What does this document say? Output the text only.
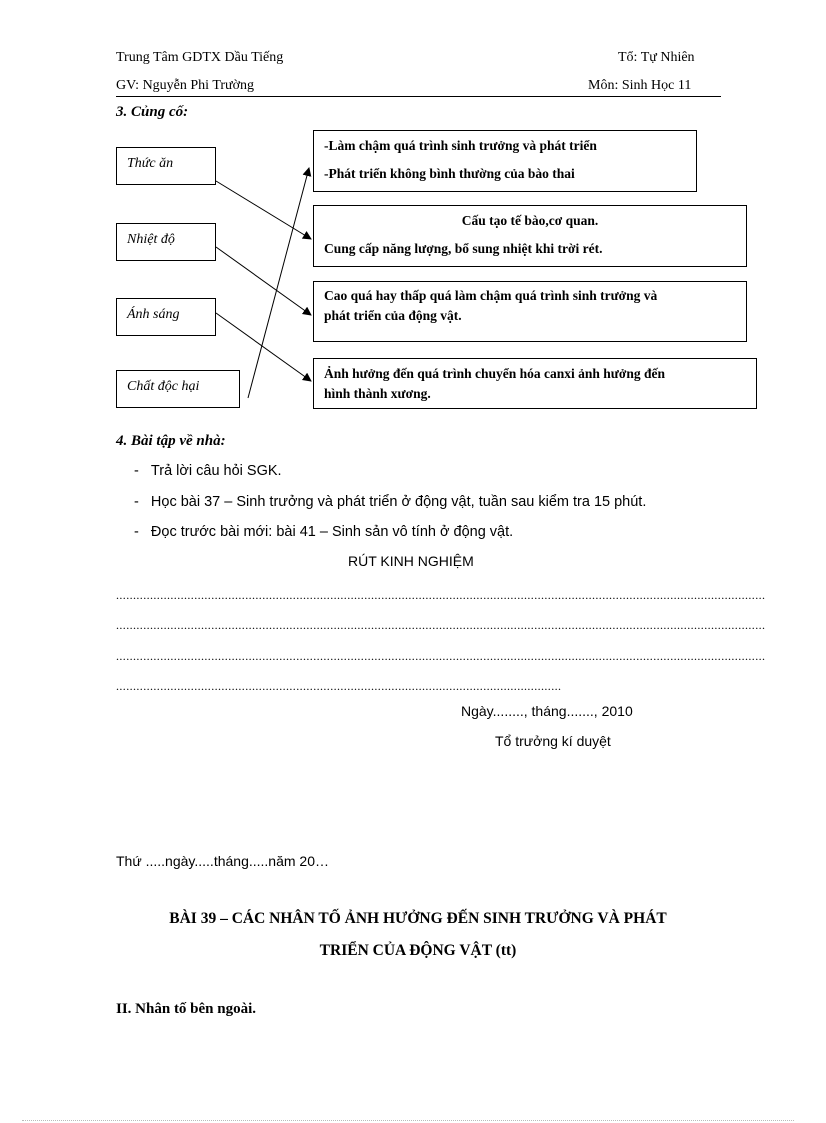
Trung Tâm GDTX Dầu Tiếng	Tổ: Tự Nhiên
GV: Nguyễn Phi Trường	Môn: Sinh Học 11
3. Củng cố:
Thức ăn
Nhiệt độ
Ánh sáng
Chất độc hại
-Làm chậm quá trình sinh trưởng và phát triển
-Phát triển không bình thường của bào thai
Cấu tạo tế bào,cơ quan.
Cung cấp năng lượng, bổ sung nhiệt khi trời rét.
Cao quá hay thấp quá làm chậm quá trình sinh trưởng và
phát triển của động vật.
Ảnh hưởng đến quá trình chuyển hóa canxi ảnh hưởng đến
hình thành xương.
4. Bài tập về nhà:
-   Trả lời câu hỏi SGK.
-   Học bài 37 – Sinh trưởng và phát triển ở động vật, tuần sau kiểm tra 15 phút.
-   Đọc trước bài mới: bài 41 – Sinh sản vô tính ở động vật.
RÚT KINH NGHIỆM
...............................................................................................................................................................................................
...............................................................................................................................................................................................
...............................................................................................................................................................................................
...................................................................................................................................
Ngày........, tháng......., 2010
Tổ trưởng kí duyệt
Thứ .....ngày.....tháng.....năm 20…
BÀI 39 – CÁC NHÂN TỐ ẢNH HƯỞNG ĐẾN SINH TRƯỞNG VÀ PHÁT
TRIỂN CỦA ĐỘNG VẬT (tt)
II. Nhân tố bên ngoài.
